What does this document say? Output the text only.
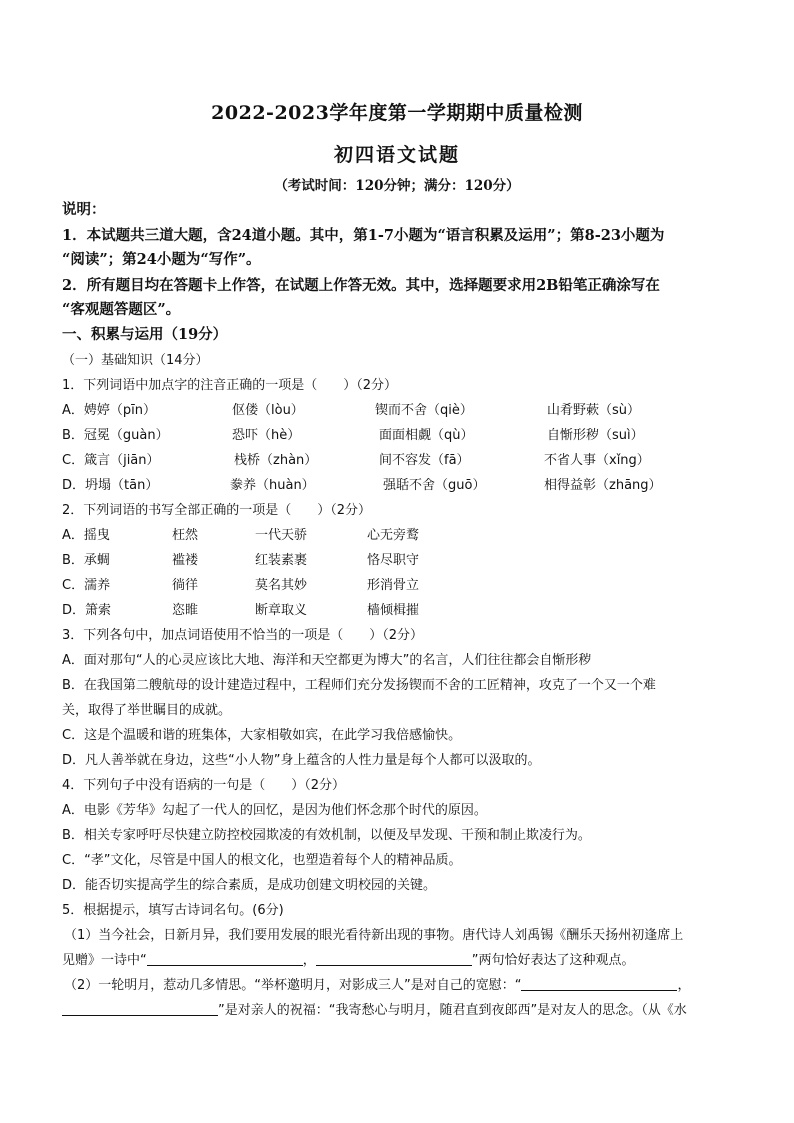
2022-2023学年度第一学期期中质量检测
初四语文试题
（考试时间：120分钟；满分：120分）
说明：
1．本试题共三道大题，含24道小题。其中，第1-7小题为“语言积累及运用”；第8-23小题为
“阅读”；第24小题为“写作”。
2．所有题目均在答题卡上作答，在试题上作答无效。其中，选择题要求用2B铅笔正确涂写在
“客观题答题区”。
一、积累与运用（19分）
（一）基础知识（14分）
1．下列词语中加点字的注音正确的一项是（　　）（2分）
A．娉婷（pīn）	伛偻（lòu）	锲而不舍（qiè）	山肴野蔌（sù）
B．冠冕（guàn）	恐吓（hè）	面面相觑（qù）	自惭形秽（suì）
C．箴言（jiān）	栈桥（zhàn）	间不容发（fā）	不省人事（xǐng）
D．坍塌（tān）	豢养（huàn）	强聒不舍（guō）	相得益彰（zhāng）
2．下列词语的书写全部正确的一项是（　　）（2分）
A．摇曳	枉然	一代天骄	心无旁鹜
B．承蜩	褴褛	红装素裹	恪尽职守
C．濡养	徜徉	莫名其妙	形消骨立
D．箫索	恣睢	断章取义	樯倾楫摧
3．下列各句中，加点词语使用不恰当的一项是（　　）（2分）
A．面对那句“人的心灵应该比大地、海洋和天空都更为博大”的名言，人们往往都会自惭形秽
B．在我国第二艘航母的设计建造过程中，工程师们充分发扬锲而不舍的工匠精神，攻克了一个又一个难
关，取得了举世瞩目的成就。
C．这是个温暖和谐的班集体，大家相敬如宾，在此学习我倍感愉快。
D．凡人善举就在身边，这些“小人物”身上蕴含的人性力量是每个人都可以汲取的。
4．下列句子中没有语病的一句是（　　）（2分）
A．电影《芳华》勾起了一代人的回忆，是因为他们怀念那个时代的原因。
B．相关专家呼吁尽快建立防控校园欺凌的有效机制，以便及早发现、干预和制止欺凌行为。
C．“孝”文化，尽管是中国人的根文化，也塑造着每个人的精神品质。
D．能否切实提高学生的综合素质，是成功创建文明校园的关键。
5．根据提示，填写古诗词名句。(6分)
（1）当今社会，日新月异，我们要用发展的眼光看待新出现的事物。唐代诗人刘禹锡《酬乐天扬州初逢席上
见赠》一诗中“	，	”两句恰好表达了这种观点。
（2）一轮明月，惹动几多情思。“举杯邀明月，对影成三人”是对自己的宽慰：“	，
”是对亲人的祝福：“我寄愁心与明月，随君直到夜郎西”是对友人的思念。（从《水
